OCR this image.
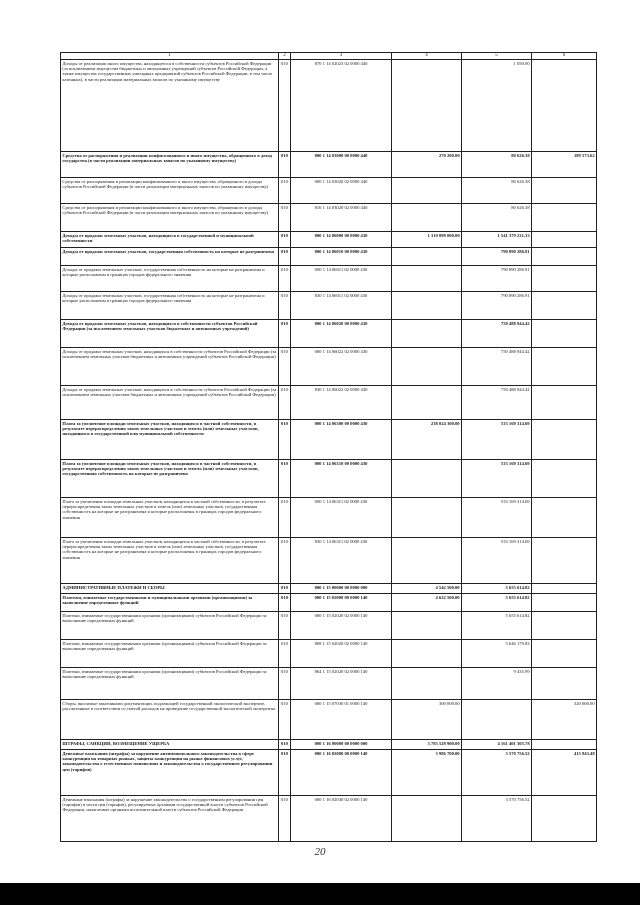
1	2	3	4	5	6
Доходы от реализации иного имущества, находящегося в собственности субъектов Российской Федерации (за исключением имущества бюджетных и автономных учреждений субъектов Российской Федерации, а также имущества государственных унитарных предприятий субъектов Российской Федерации, в том числе казенных), в части реализации материальных запасов по указанному имуществу	010	870 1 14 02023 02 0000 440		1 050.00	
Средства от распоряжения и реализации конфискованного и иного имущества, обращенного в доход государства (в части реализации материальных запасов по указанному имуществу)	010	000 1 14 03000 00 0000 440	270 200.00	80 626.38	189 573.62
Средства от распоряжения и реализации конфискованного и иного имущества, обращенного в доходы субъектов Российской Федерации (в части реализации материальных запасов по указанному имуществу)	010	000 1 14 03020 02 0000 440		80 626.38	
Средства от распоряжения и реализации конфискованного и иного имущества, обращенного в доходы субъектов Российской Федерации (в части реализации материальных запасов по указанному имуществу)	010	816 1 14 03020 02 0000 440		80 626.38	
Доходы от продажи земельных участков, находящихся в государственной и муниципальной собственности	010	000 1 14 06000 00 0000 430	1 319 098 000.00	1 541 379 231.33	
Доходы от продажи земельных участков, государственная собственность на которые не разграничена	010	000 1 14 06010 00 0000 430		790 890 286.91	
Доходы от продажи земельных участков, государственная собственность на которые не разграничена и которые расположены в границах городов федерального значения	010	000 1 14 06011 02 0000 430		790 890 286.91	
Доходы от продажи земельных участков, государственная собственность на которые не разграничена и которые расположены в границах городов федерального значения	010	830 1 14 06011 02 0000 430		790 890 286.91	
Доходы от продажи земельных участков, находящихся в собственности субъектов Российской Федерации (за исключением земельных участков бюджетных и автономных учреждений)	010	000 1 14 06020 00 0000 430		750 488 944.42	
Доходы от продажи земельных участков, находящихся в собственности субъектов Российской Федерации (за исключением земельных участков бюджетных и автономных учреждений субъектов Российской Федерации)	010	000 1 14 06022 02 0000 430		750 488 944.42	
Доходы от продажи земельных участков, находящихся в собственности субъектов Российской Федерации (за исключением земельных участков бюджетных и автономных учреждений субъектов Российской Федерации)	010	830 1 14 06022 02 0000 430		750 488 944.42	
Плата за увеличение площади земельных участков, находящихся в частной собственности, в результате перераспределения таких земельных участков и земель (или) земельных участков, находящихся в государственной или муниципальной собственности	010	000 1 14 06300 00 0000 430	238 024 300.00	533 169 314.69	
Плата за увеличение площади земельных участков, находящихся в частной собственности, в результате перераспределения таких земельных участков и земель (или) земельных участков, государственная собственность на которые не разграничена	010	000 1 14 06310 00 0000 430		533 169 314.69	
Плата за увеличение площади земельных участков, находящихся в частной собственности, в результате перераспределения таких земельных участков и земель (или) земельных участков, государственная собственность на которые не разграничена и которые расположены в границах городов федерального значения	010	000 1 14 06311 02 0000 430		533 169 314.69	
Плата за увеличение площади земельных участков, находящихся в частной собственности, в результате перераспределения таких земельных участков и земель (или) земельных участков, государственная собственность на которые не разграничена и которые расположены в границах городов федерального значения	010	830 1 14 06311 02 0000 430		533 169 314.69	
АДМИНИСТРАТИВНЫЕ ПЛАТЕЖИ И СБОРЫ	010	000 1 15 00000 00 0000 000	4 542 500.00	5 655 614.82	
Платежи, взимаемые государственными и муниципальными органами (организациями) за выполнение определенных функций	010	000 1 15 02000 00 0000 140	4 622 500.00	5 655 614.82	
Платежи, взимаемые государственными органами (организациями) субъектов Российской Федерации за выполнение определенных функций	010	000 1 15 02020 02 0000 140		5 655 614.82	
Платежи, взимаемые государственными органами (организациями) субъектов Российской Федерации за выполнение определенных функций	010	808 1 15 02020 02 0000 140		5 646 179.83	
Платежи, взимаемые государственными органами (организациями) субъектов Российской Федерации за выполнение определенных функций	010	864 1 15 02020 02 0000 140		9 435.99	
Сборы, вносимые заказчиками документации, подлежащей государственной экологической экспертизе, рассчитанные в соответствии со сметой расходов на проведение государственной экологической экспертизы	010	000 1 15 07030 01 0000 140	300 000.00		320 000.00
ШТРАФЫ, САНКЦИИ, ВОЗМЕЩЕНИЕ УЩЕРБА	010	000 1 16 00000 00 0000 000	3 783 528 900.00	4 161 401 305.78	
Денежные взыскания (штрафы) за нарушение антимонопольного законодательства в сфере конкуренции на товарных рынках, защиты конкуренции на рынке финансовых услуг, законодательства о естественных монополиях и законодательства о государственном регулировании цен (тарифов)	010	000 1 16 02000 00 0000 140	3 986 700.00	3 570 756.52	415 943.48
Денежные взыскания (штрафы) за нарушение законодательства о государственном регулировании цен (тарифов) в части цен (тарифов), регулируемых органами государственной власти субъектов Российской Федерации, налагаемые органами исполнительной власти субъектов Российской Федерации	010	000 1 16 02030 02 0000 140		3 570 756.52	
20
